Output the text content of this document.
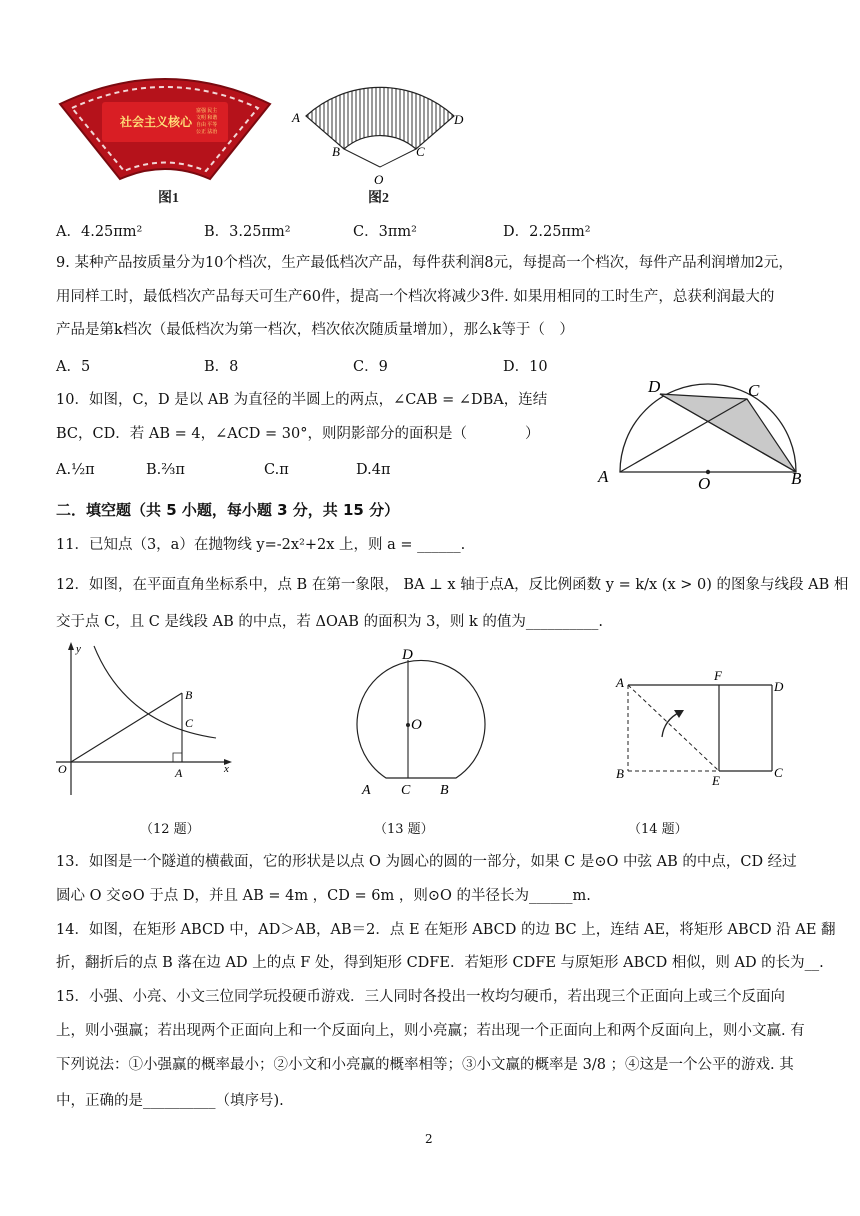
社会主义核心
富强 民主
文明 和谐
自由 平等
公正 法治
图1
A	D
B	C
O
图2
A．4.25πm²	B．3.25πm²	C．3πm²	D．2.25πm²
9. 某种产品按质量分为10个档次，生产最低档次产品，每件获利润8元，每提高一个档次，每件产品利润增加2元，
用同样工时，最低档次产品每天可生产60件，提高一个档次将减少3件. 如果用相同的工时生产，总获利润最大的
产品是第k档次（最低档次为第一档次，档次依次随质量增加），那么k等于（　）
A．5	B．8	C．9	D．10
10．如图，C，D 是以 AB 为直径的半圆上的两点，∠CAB = ∠DBA，连结
BC，CD．若 AB = 4，∠ACD = 30°，则阴影部分的面积是（　　　　）
A.½π	B.⅔π	C.π	D.4π
D	C
A	B
O
二．填空题（共 5 小题，每小题 3 分，共 15 分）
11．已知点（3，a）在抛物线 y=-2x²+2x 上，则 a = ______.
12．如图，在平面直角坐标系中，点 B 在第一象限， BA ⊥ x 轴于点A，反比例函数 y = k/x (x > 0) 的图象与线段 AB 相
交于点 C，且 C 是线段 AB 的中点，若 ΔOAB 的面积为 3，则 k 的值为__________.
y
x
O
B
C
A
（12 题）
D
O
A C B
（13 题）
A	F
D
B	E
C
（14 题）
13．如图是一个隧道的横截面，它的形状是以点 O 为圆心的圆的一部分，如果 C 是⊙O 中弦 AB 的中点，CD 经过
圆心 O 交⊙O 于点 D，并且 AB = 4m ，CD = 6m ，则⊙O 的半径长为______m.
14．如图，在矩形 ABCD 中，AD＞AB，AB＝2．点 E 在矩形 ABCD 的边 BC 上，连结 AE，将矩形 ABCD 沿 AE 翻
折，翻折后的点 B 落在边 AD 上的点 F 处，得到矩形 CDFE．若矩形 CDFE 与原矩形 ABCD 相似，则 AD 的长为__.
15．小强、小亮、小文三位同学玩投硬币游戏．三人同时各投出一枚均匀硬币，若出现三个正面向上或三个反面向
上，则小强赢；若出现两个正面向上和一个反面向上，则小亮赢；若出现一个正面向上和两个反面向上，则小文赢. 有
下列说法：①小强赢的概率最小；②小文和小亮赢的概率相等；③小文赢的概率是 3/8 ；④这是一个公平的游戏. 其
中，正确的是__________（填序号).
2
